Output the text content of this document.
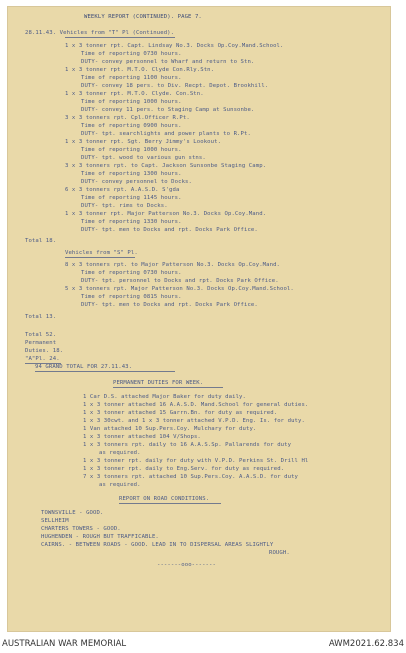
WEEKLY REPORT (CONTINUED). PAGE 7.
28.11.43. Vehicles from "T" Pl (Continued).
1 x 3 tonner rpt. Capt. Lindsay No.3. Docks Op.Coy.Mand.School.
Time of reporting 0730 hours.
DUTY- convey personnel to Wharf and return to Stn.
1 x 3 tonner rpt. M.T.O. Clyde Con.Rly.Stn.
Time of reporting 1100 hours.
DUTY- convey 18 pers. to Div. Recpt. Depot. Brookhill.
1 x 3 tonner rpt. M.T.O. Clyde. Con.Stn.
Time of reporting 1000 hours.
DUTY- convey 11 pers. to Staging Camp at Sunsonbe.
3 x 3 tonners rpt. Cpl.Officer R.Pt.
Time of reporting 0900 hours.
DUTY- tpt. searchlights and power plants to R.Pt.
1 x 3 tonner rpt. Sgt. Berry Jimmy's Lookout.
Time of reporting 1000 hours.
DUTY- tpt. wood to various gun stns.
3 x 3 tonners rpt. to Capt. Jackson Sunsonbe Staging Camp.
Time of reporting 1300 hours.
DUTY- convey personnel to Docks.
6 x 3 tonners rpt. A.A.S.D. S'gda
Time of reporting 1145 hours.
DUTY- tpt. rims to Docks.
1 x 3 tonner rpt. Major Patterson No.3. Docks Op.Coy.Mand.
Time of reporting 1330 hours.
DUTY- tpt. men to Docks and rpt. Docks Park Office.
Total 18.
Vehicles from "S" Pl.
8 x 3 tonners rpt. to Major Patterson No.3. Docks Op.Coy.Mand.
Time of reporting 0730 hours.
DUTY- tpt. personnel to Docks and rpt. Docks Park Office.
5 x 3 tonners rpt. Major Patterson No.3. Docks Op.Coy.Mand.School.
Time of reporting 0815 hours.
DUTY- tpt. men to Docks and rpt. Docks Park Office.
Total 13.
Total 52.
Permanent
Duties. 18.
"A"Pl. 24.
94 GRAND TOTAL FOR 27.11.43.
PERMANENT DUTIES FOR WEEK.
1 Car D.S. attached Major Baker for duty daily.
1 x 3 tonner attached 16 A.A.S.D. Mand.School for general duties.
1 x 3 tonner attached 15 Garrn.Bn. for duty as required.
1 x 3 30cwt. and 1 x 3 tonner attached V.P.D. Eng. Is. for duty.
1 Van attached 10 Sup.Pers.Coy. Mulchary for duty.
1 x 3 tonner attached 104 V/Shops.
1 x 3 tonners rpt. daily to 16 A.A.S.Sp. Pallarends for duty
as required.
1 x 3 tonner rpt. daily for duty with V.P.D. Perkins St. Drill Hl
1 x 3 tonner rpt. daily to Eng.Serv. for duty as required.
7 x 3 tonners rpt. attached 10 Sup.Pers.Coy. A.A.S.D. for duty
as required.
REPORT ON ROAD CONDITIONS.
TOWNSVILLE - GOOD.
SELLHEIM
CHARTERS TOWERS - GOOD.
HUGHENDEN - ROUGH BUT TRAFFICABLE.
CAIRNS. - BETWEEN ROADS - GOOD. LEAD IN TO DISPERSAL AREAS SLIGHTLY
ROUGH.
-------ooo-------
AUSTRALIAN WAR MEMORIAL	AWM2021.62.834
